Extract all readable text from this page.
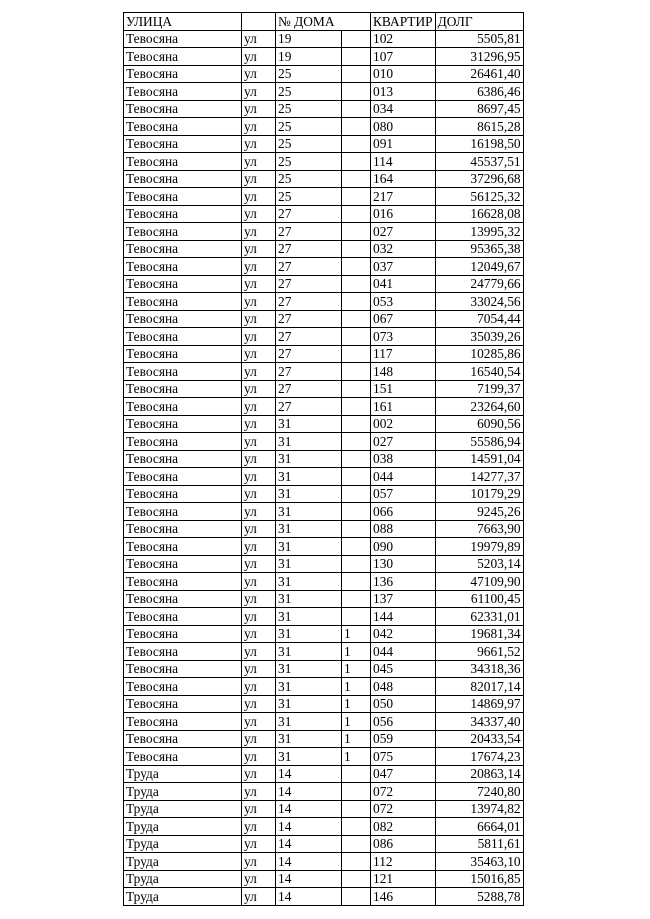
УЛИЦА		№ ДОМА		КВАРТИР	ДОЛГ
Тевосяна	ул	19		102	5505,81
Тевосяна	ул	19		107	31296,95
Тевосяна	ул	25		010	26461,40
Тевосяна	ул	25		013	6386,46
Тевосяна	ул	25		034	8697,45
Тевосяна	ул	25		080	8615,28
Тевосяна	ул	25		091	16198,50
Тевосяна	ул	25		114	45537,51
Тевосяна	ул	25		164	37296,68
Тевосяна	ул	25		217	56125,32
Тевосяна	ул	27		016	16628,08
Тевосяна	ул	27		027	13995,32
Тевосяна	ул	27		032	95365,38
Тевосяна	ул	27		037	12049,67
Тевосяна	ул	27		041	24779,66
Тевосяна	ул	27		053	33024,56
Тевосяна	ул	27		067	7054,44
Тевосяна	ул	27		073	35039,26
Тевосяна	ул	27		117	10285,86
Тевосяна	ул	27		148	16540,54
Тевосяна	ул	27		151	7199,37
Тевосяна	ул	27		161	23264,60
Тевосяна	ул	31		002	6090,56
Тевосяна	ул	31		027	55586,94
Тевосяна	ул	31		038	14591,04
Тевосяна	ул	31		044	14277,37
Тевосяна	ул	31		057	10179,29
Тевосяна	ул	31		066	9245,26
Тевосяна	ул	31		088	7663,90
Тевосяна	ул	31		090	19979,89
Тевосяна	ул	31		130	5203,14
Тевосяна	ул	31		136	47109,90
Тевосяна	ул	31		137	61100,45
Тевосяна	ул	31		144	62331,01
Тевосяна	ул	31	1	042	19681,34
Тевосяна	ул	31	1	044	9661,52
Тевосяна	ул	31	1	045	34318,36
Тевосяна	ул	31	1	048	82017,14
Тевосяна	ул	31	1	050	14869,97
Тевосяна	ул	31	1	056	34337,40
Тевосяна	ул	31	1	059	20433,54
Тевосяна	ул	31	1	075	17674,23
Труда	ул	14		047	20863,14
Труда	ул	14		072	7240,80
Труда	ул	14		072	13974,82
Труда	ул	14		082	6664,01
Труда	ул	14		086	5811,61
Труда	ул	14		112	35463,10
Труда	ул	14		121	15016,85
Труда	ул	14		146	5288,78
